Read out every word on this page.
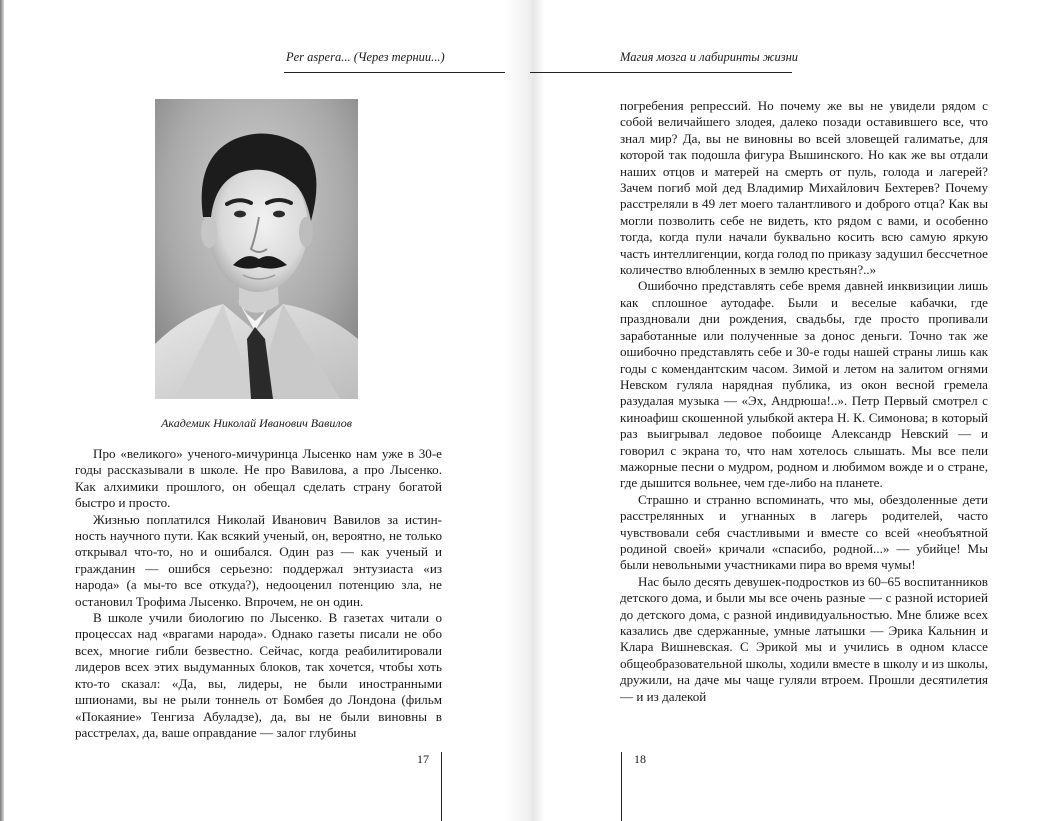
Per aspera... (Через тернии...)
Академик Николай Иванович Вавилов

Про «великого» ученого-мичуринца Лысенко нам уже в 30-е годы рассказывали в школе. Не про Вавилова, а про Лысенко. Как алхимики прошлого, он обещал сделать страну богатой быстро и просто.

Жизнью поплатился Николай Иванович Вавилов за истинность научного пути. Как всякий ученый, он, вероятно, не только открывал что-то, но и ошибался. Один раз — как ученый и гражданин — ошибся серьезно: поддержал энтузиаста «из народа» (а мы-то все откуда?), недооценил потенцию зла, не остановил Трофима Лысенко. Впрочем, не он один.

В школе учили биологию по Лысенко. В газетах читали о процессах над «врагами народа». Однако газеты писали не обо всех, многие гибли безвестно. Сейчас, когда реабилитировали лидеров всех этих выдуманных блоков, так хочется, чтобы хоть кто-то сказал: «Да, вы, лидеры, не были иностранными шпионами, вы не рыли тоннель от Бомбея до Лондона (фильм «Покаяние» Тенгиза Абуладзе), да, вы не были виновны в расстрелах, да, ваше оправдание — залог глубины

17
Магия мозга и лабиринты жизни

погребения репрессий. Но почему же вы не увидели рядом с собой величайшего злодея, далеко позади оставившего все, что знал мир? Да, вы не виновны во всей зловещей галиматье, для которой так подошла фигура Вышинского. Но как же вы отдали наших отцов и матерей на смерть от пуль, голода и лагерей? Зачем погиб мой дед Владимир Михайлович Бехтерев? Почему расстреляли в 49 лет моего талантливого и доброго отца? Как вы могли позволить себе не видеть, кто рядом с вами, и особенно тогда, когда пули начали буквально косить всю самую яркую часть интеллигенции, когда голод по приказу задушил бессчетное количество влюбленных в землю крестьян?..»

Ошибочно представлять себе время давней инквизиции лишь как сплошное аутодафе. Были и веселые кабачки, где праздновали дни рождения, свадьбы, где просто пропивали заработанные или полученные за донос деньги. Точно так же ошибочно представлять себе и 30-е годы нашей страны лишь как годы с комендантским часом. Зимой и летом на залитом огнями Невском гуляла нарядная публика, из окон весной гремела разудалая музыка — «Эх, Андрюша!..». Петр Первый смотрел с киноафиш скошенной улыбкой актера Н. К. Симонова; в который раз выигрывал ледовое побоище Александр Невский — и говорил с экрана то, что нам хотелось слышать. Мы все пели мажорные песни о мудром, родном и любимом вожде и о стране, где дышится вольнее, чем где-либо на планете.

Страшно и странно вспоминать, что мы, обездоленные дети расстрелянных и угнанных в лагерь родителей, часто чувствовали себя счастливыми и вместе со всей «необъятной родиной своей» кричали «спасибо, родной...» — убийце! Мы были невольными участниками пира во время чумы!

Нас было десять девушек-подростков из 60–65 воспитанников детского дома, и были мы все очень разные — с разной историей до детского дома, с разной индивидуальностью. Мне ближе всех казались две сдержанные, умные латышки — Эрика Кальнин и Клара Вишневская. С Эрикой мы и учились в одном классе общеобразовательной школы, ходили вместе в школу и из школы, дружили, на даче мы чаще гуляли втроем. Прошли десятилетия — и из далекой

18
